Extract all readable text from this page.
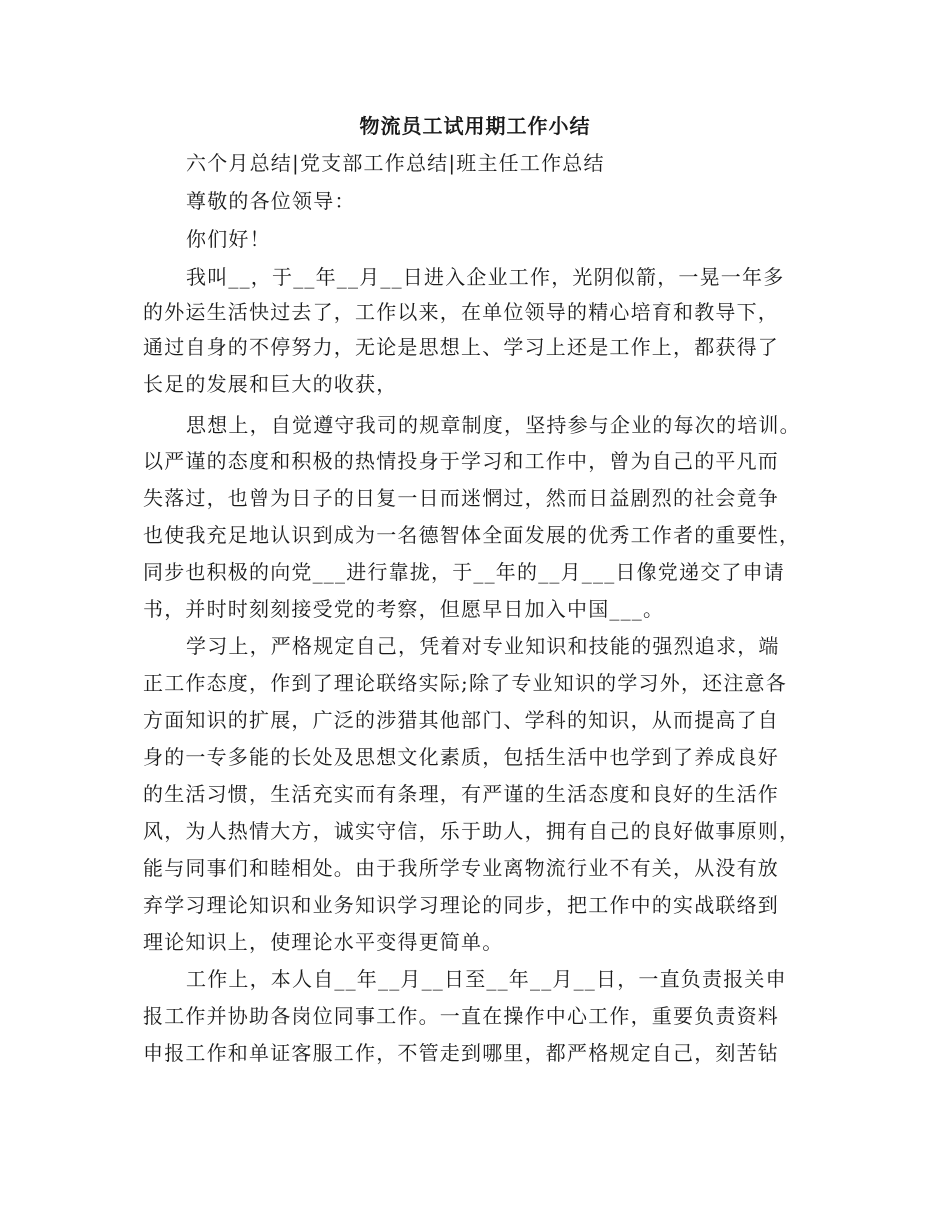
物流员工试用期工作小结
六个月总结|党支部工作总结|班主任工作总结
尊敬的各位领导：
你们好！
我叫__，于__年__月__日进入企业工作，光阴似箭，一晃一年多
的外运生活快过去了，工作以来，在单位领导的精心培育和教导下，
通过自身的不停努力，无论是思想上、学习上还是工作上，都获得了
长足的发展和巨大的收获，
思想上，自觉遵守我司的规章制度，坚持参与企业的每次的培训。
以严谨的态度和积极的热情投身于学习和工作中，曾为自己的平凡而
失落过，也曾为日子的日复一日而迷惘过，然而日益剧烈的社会竟争
也使我充足地认识到成为一名德智体全面发展的优秀工作者的重要性，
同步也积极的向党___进行靠拢，于__年的__月___日像党递交了申请
书，并时时刻刻接受党的考察，但愿早日加入中国___。
学习上，严格规定自己，凭着对专业知识和技能的强烈追求，端
正工作态度，作到了理论联络实际;除了专业知识的学习外，还注意各
方面知识的扩展，广泛的涉猎其他部门、学科的知识，从而提高了自
身的一专多能的长处及思想文化素质，包括生活中也学到了养成良好
的生活习惯，生活充实而有条理，有严谨的生活态度和良好的生活作
风，为人热情大方，诚实守信，乐于助人，拥有自己的良好做事原则，
能与同事们和睦相处。由于我所学专业离物流行业不有关，从没有放
弃学习理论知识和业务知识学习理论的同步，把工作中的实战联络到
理论知识上，使理论水平变得更简单。
工作上，本人自__年__月__日至__年__月__日，一直负责报关申
报工作并协助各岗位同事工作。一直在操作中心工作，重要负责资料
申报工作和单证客服工作，不管走到哪里，都严格规定自己，刻苦钻
